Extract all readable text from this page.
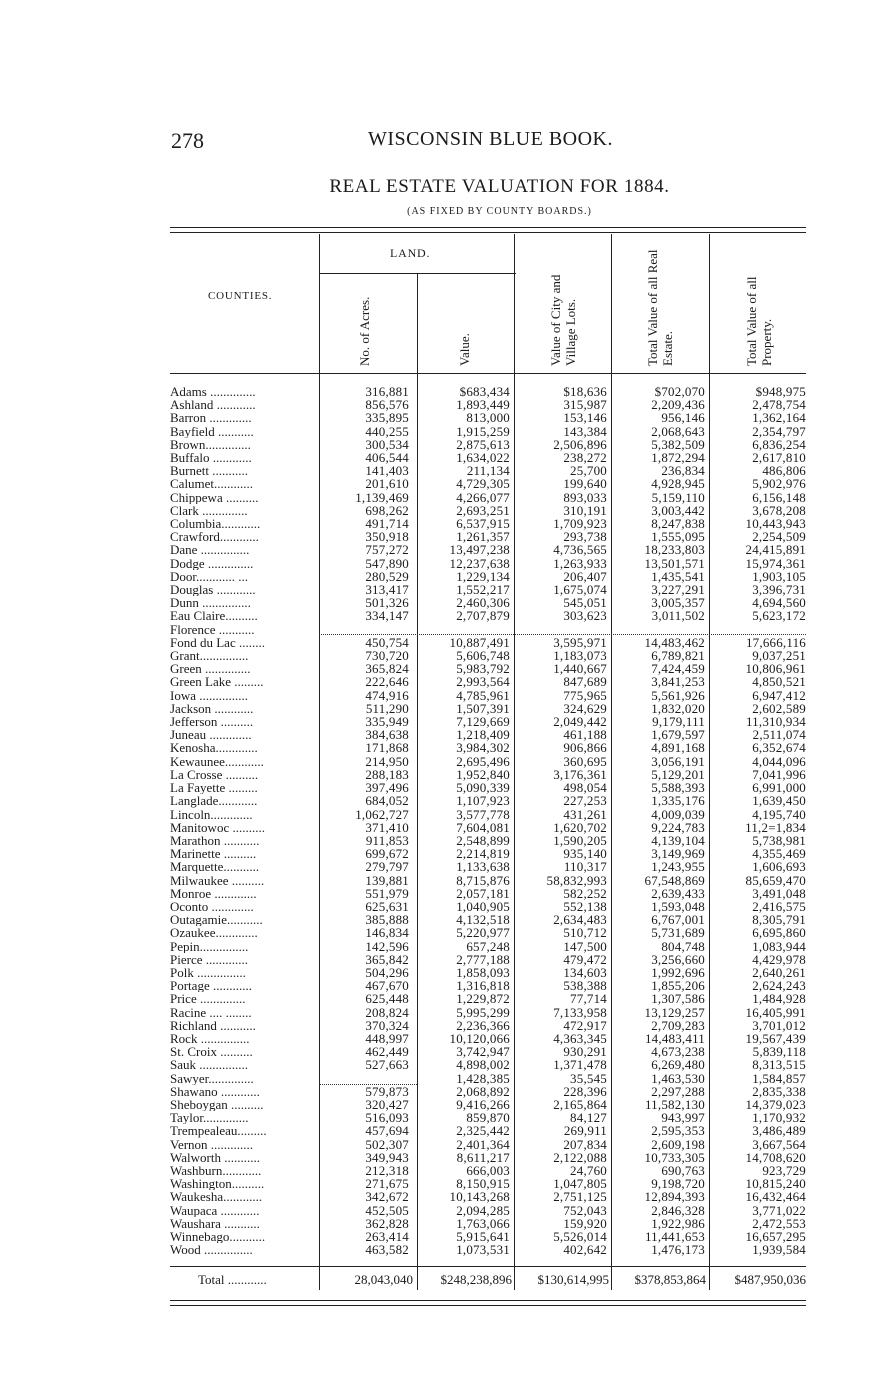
278	WISCONSIN BLUE BOOK.
REAL ESTATE VALUATION FOR 1884.
(AS FIXED BY COUNTY BOARDS.)
COUNTIES.
LAND.
No. of Acres.	Value.	Value of City and Village Lots.	Total Value of all Real Estate.	Total Value of all Property.
Adams ..............	316,881	$683,434	$18,636	$702,070	$948,975
Ashland ............	856,576	1,893,449	315,987	2,209,436	2,478,754
Barron .............	335,895	813,000	153,146	956,146	1,362,164
Bayfield ...........	440,255	1,915,259	143,384	2,068,643	2,354,797
Brown..............	300,534	2,875,613	2,506,896	5,382,509	6,836,254
Buffalo ............	406,544	1,634,022	238,272	1,872,294	2,617,810
Burnett ...........	141,403	211,134	25,700	236,834	486,806
Calumet............	201,610	4,729,305	199,640	4,928,945	5,902,976
Chippewa ..........	1,139,469	4,266,077	893,033	5,159,110	6,156,148
Clark ..............	698,262	2,693,251	310,191	3,003,442	3,678,208
Columbia............	491,714	6,537,915	1,709,923	8,247,838	10,443,943
Crawford............	350,918	1,261,357	293,738	1,555,095	2,254,509
Dane ...............	757,272	13,497,238	4,736,565	18,233,803	24,415,891
Dodge ..............	547,890	12,237,638	1,263,933	13,501,571	15,974,361
Door............ ...	280,529	1,229,134	206,407	1,435,541	1,903,105
Douglas ............	313,417	1,552,217	1,675,074	3,227,291	3,396,731
Dunn ...............	501,326	2,460,306	545,051	3,005,357	4,694,560
Eau Claire..........	334,147	2,707,879	303,623	3,011,502	5,623,172
Florence ...........					
Fond du Lac ........	450,754	10,887,491	3,595,971	14,483,462	17,666,116
Grant...............	730,720	5,606,748	1,183,073	6,789,821	9,037,251
Green ..............	365,824	5,983,792	1,440,667	7,424,459	10,806,961
Green Lake .........	222,646	2,993,564	847,689	3,841,253	4,850,521
Iowa ...............	474,916	4,785,961	775,965	5,561,926	6,947,412
Jackson ............	511,290	1,507,391	324,629	1,832,020	2,602,589
Jefferson ..........	335,949	7,129,669	2,049,442	9,179,111	11,310,934
Juneau .............	384,638	1,218,409	461,188	1,679,597	2,511,074
Kenosha.............	171,868	3,984,302	906,866	4,891,168	6,352,674
Kewaunee............	214,950	2,695,496	360,695	3,056,191	4,044,096
La Crosse ..........	288,183	1,952,840	3,176,361	5,129,201	7,041,996
La Fayette .........	397,496	5,090,339	498,054	5,588,393	6,991,000
Langlade............	684,052	1,107,923	227,253	1,335,176	1,639,450
Lincoln.............	1,062,727	3,577,778	431,261	4,009,039	4,195,740
Manitowoc ..........	371,410	7,604,081	1,620,702	9,224,783	11,2=1,834
Marathon ...........	911,853	2,548,899	1,590,205	4,139,104	5,738,981
Marinette ..........	699,672	2,214,819	935,140	3,149,969	4,355,469
Marquette...........	279,797	1,133,638	110,317	1,243,955	1,606,693
Milwaukee ..........	139,881	8,715,876	58,832,993	67,548,869	85,659,470
Monroe .............	551,979	2,057,181	582,252	2,639,433	3,491,048
Oconto .............	625,631	1,040,905	552,138	1,593,048	2,416,575
Outagamie...........	385,888	4,132,518	2,634,483	6,767,001	8,305,791
Ozaukee.............	146,834	5,220,977	510,712	5,731,689	6,695,860
Pepin...............	142,596	657,248	147,500	804,748	1,083,944
Pierce .............	365,842	2,777,188	479,472	3,256,660	4,429,978
Polk ...............	504,296	1,858,093	134,603	1,992,696	2,640,261
Portage ............	467,670	1,316,818	538,388	1,855,206	2,624,243
Price ..............	625,448	1,229,872	77,714	1,307,586	1,484,928
Racine .... ........	208,824	5,995,299	7,133,958	13,129,257	16,405,991
Richland ...........	370,324	2,236,366	472,917	2,709,283	3,701,012
Rock ...............	448,997	10,120,066	4,363,345	14,483,411	19,567,439
St. Croix ..........	462,449	3,742,947	930,291	4,673,238	5,839,118
Sauk ...............	527,663	4,898,002	1,371,478	6,269,480	8,313,515
Sawyer..............		1,428,385	35,545	1,463,530	1,584,857
Shawano ............	579,873	2,068,892	228,396	2,297,288	2,835,338
Sheboygan ..........	320,427	9,416,266	2,165,864	11,582,130	14,379,023
Taylor..............	516,093	859,870	84,127	943,997	1,170,932
Trempealeau.........	457,694	2,325,442	269,911	2,595,353	3,486,489
Vernon .............	502,307	2,401,364	207,834	2,609,198	3,667,564
Walworth ...........	349,943	8,611,217	2,122,088	10,733,305	14,708,620
Washburn............	212,318	666,003	24,760	690,763	923,729
Washington..........	271,675	8,150,915	1,047,805	9,198,720	10,815,240
Waukesha............	342,672	10,143,268	2,751,125	12,894,393	16,432,464
Waupaca ............	452,505	2,094,285	752,043	2,846,328	3,771,022
Waushara ...........	362,828	1,763,066	159,920	1,922,986	2,472,553
Winnebago...........	263,414	5,915,641	5,526,014	11,441,653	16,657,295
Wood ...............	463,582	1,073,531	402,642	1,476,173	1,939,584
Total ............	28,043,040 $248,238,896 $130,614,995 $378,853,864 $487,950,036
